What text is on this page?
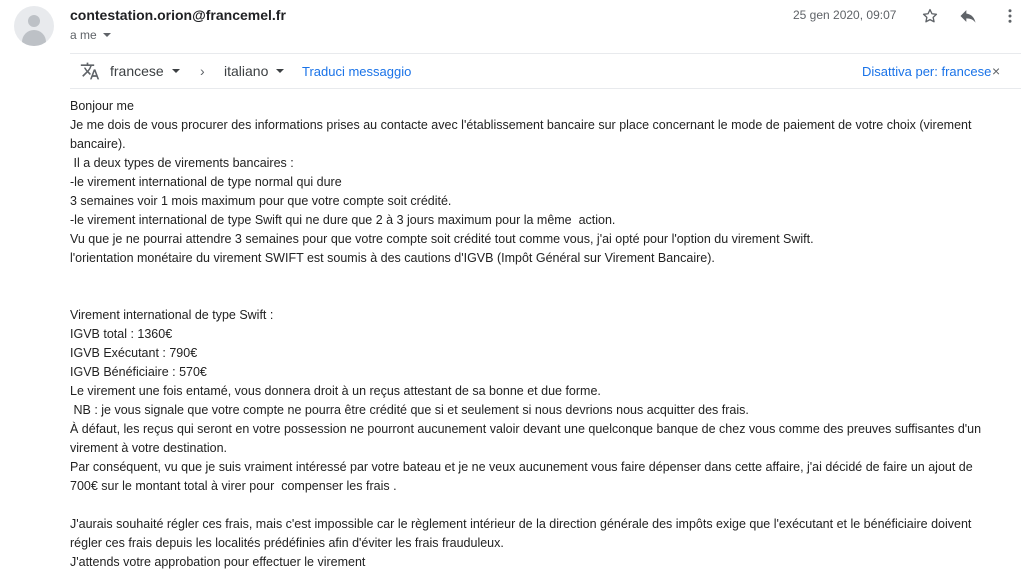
contestation.orion@francemel.fr
a me
25 gen 2020, 09:07
francese	› italiano	Traduci messaggio	Disattiva per: francese ×
Bonjour me
Je me dois de vous procurer des informations prises au contacte avec l'établissement bancaire sur place concernant le mode de paiement de votre choix (virement
bancaire).
Il a deux types de virements bancaires :
-le virement international de type normal qui dure
3 semaines voir 1 mois maximum pour que votre compte soit crédité.
-le virement international de type Swift qui ne dure que 2 à 3 jours maximum pour la même  action.
Vu que je ne pourrai attendre 3 semaines pour que votre compte soit crédité tout comme vous, j'ai opté pour l'option du virement Swift.
l'orientation monétaire du virement SWIFT est soumis à des cautions d'IGVB (Impôt Général sur Virement Bancaire).
Virement international de type Swift :
IGVB total : 1360€
IGVB Exécutant : 790€
IGVB Bénéficiaire : 570€
Le virement une fois entamé, vous donnera droit à un reçus attestant de sa bonne et due forme.
NB : je vous signale que votre compte ne pourra être crédité que si et seulement si nous devrions nous acquitter des frais.
À défaut, les reçus qui seront en votre possession ne pourront aucunement valoir devant une quelconque banque de chez vous comme des preuves suffisantes d'un
virement à votre destination.
Par conséquent, vu que je suis vraiment intéressé par votre bateau et je ne veux aucunement vous faire dépenser dans cette affaire, j'ai décidé de faire un ajout de
700€ sur le montant total à virer pour  compenser les frais .
J'aurais souhaité régler ces frais, mais c'est impossible car le règlement intérieur de la direction générale des impôts exige que l'exécutant et le bénéficiaire doivent
régler ces frais depuis les localités prédéfinies afin d'éviter les frais frauduleux.
J'attends votre approbation pour effectuer le virement
